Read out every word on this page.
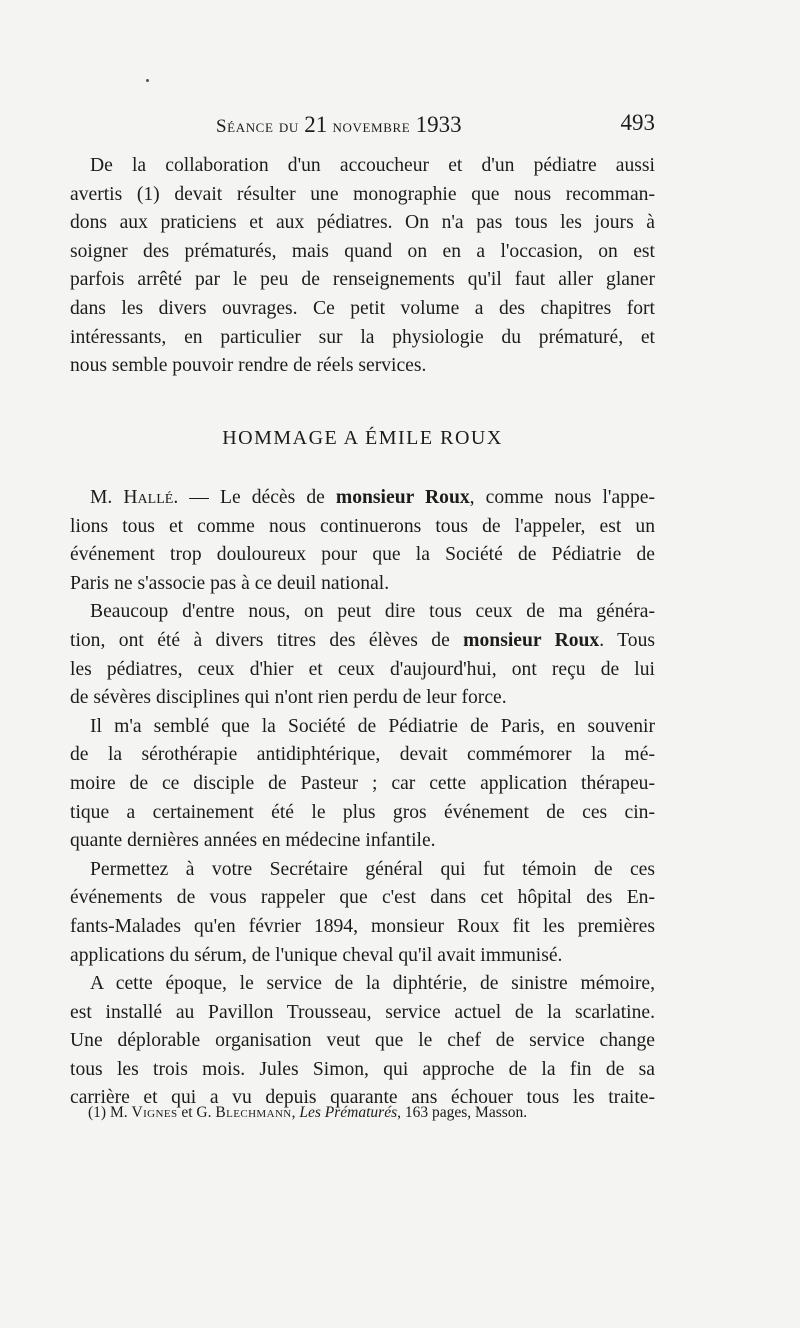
Séance du 21 novembre 1933	493
De la collaboration d'un accoucheur et d'un pédiatre aussi
avertis (1) devait résulter une monographie que nous recomman-
dons aux praticiens et aux pédiatres. On n'a pas tous les jours à
soigner des prématurés, mais quand on en a l'occasion, on est
parfois arrêté par le peu de renseignements qu'il faut aller glaner
dans les divers ouvrages. Ce petit volume a des chapitres fort
intéressants, en particulier sur la physiologie du prématuré, et
nous semble pouvoir rendre de réels services.
HOMMAGE A ÉMILE ROUX
M. Hallé. — Le décès de monsieur Roux, comme nous l'appe-
lions tous et comme nous continuerons tous de l'appeler, est un
événement trop douloureux pour que la Société de Pédiatrie de
Paris ne s'associe pas à ce deuil national.
Beaucoup d'entre nous, on peut dire tous ceux de ma généra-
tion, ont été à divers titres des élèves de monsieur Roux. Tous
les pédiatres, ceux d'hier et ceux d'aujourd'hui, ont reçu de lui
de sévères disciplines qui n'ont rien perdu de leur force.
Il m'a semblé que la Société de Pédiatrie de Paris, en souvenir
de la sérothérapie antidiphtérique, devait commémorer la mé-
moire de ce disciple de Pasteur ; car cette application thérapeu-
tique a certainement été le plus gros événement de ces cin-
quante dernières années en médecine infantile.
Permettez à votre Secrétaire général qui fut témoin de ces
événements de vous rappeler que c'est dans cet hôpital des En-
fants-Malades qu'en février 1894, monsieur Roux fit les premières
applications du sérum, de l'unique cheval qu'il avait immunisé.
A cette époque, le service de la diphtérie, de sinistre mémoire,
est installé au Pavillon Trousseau, service actuel de la scarlatine.
Une déplorable organisation veut que le chef de service change
tous les trois mois. Jules Simon, qui approche de la fin de sa
carrière et qui a vu depuis quarante ans échouer tous les traite-
(1) M. Vignes et G. Blechmann, Les Prématurés, 163 pages, Masson.
